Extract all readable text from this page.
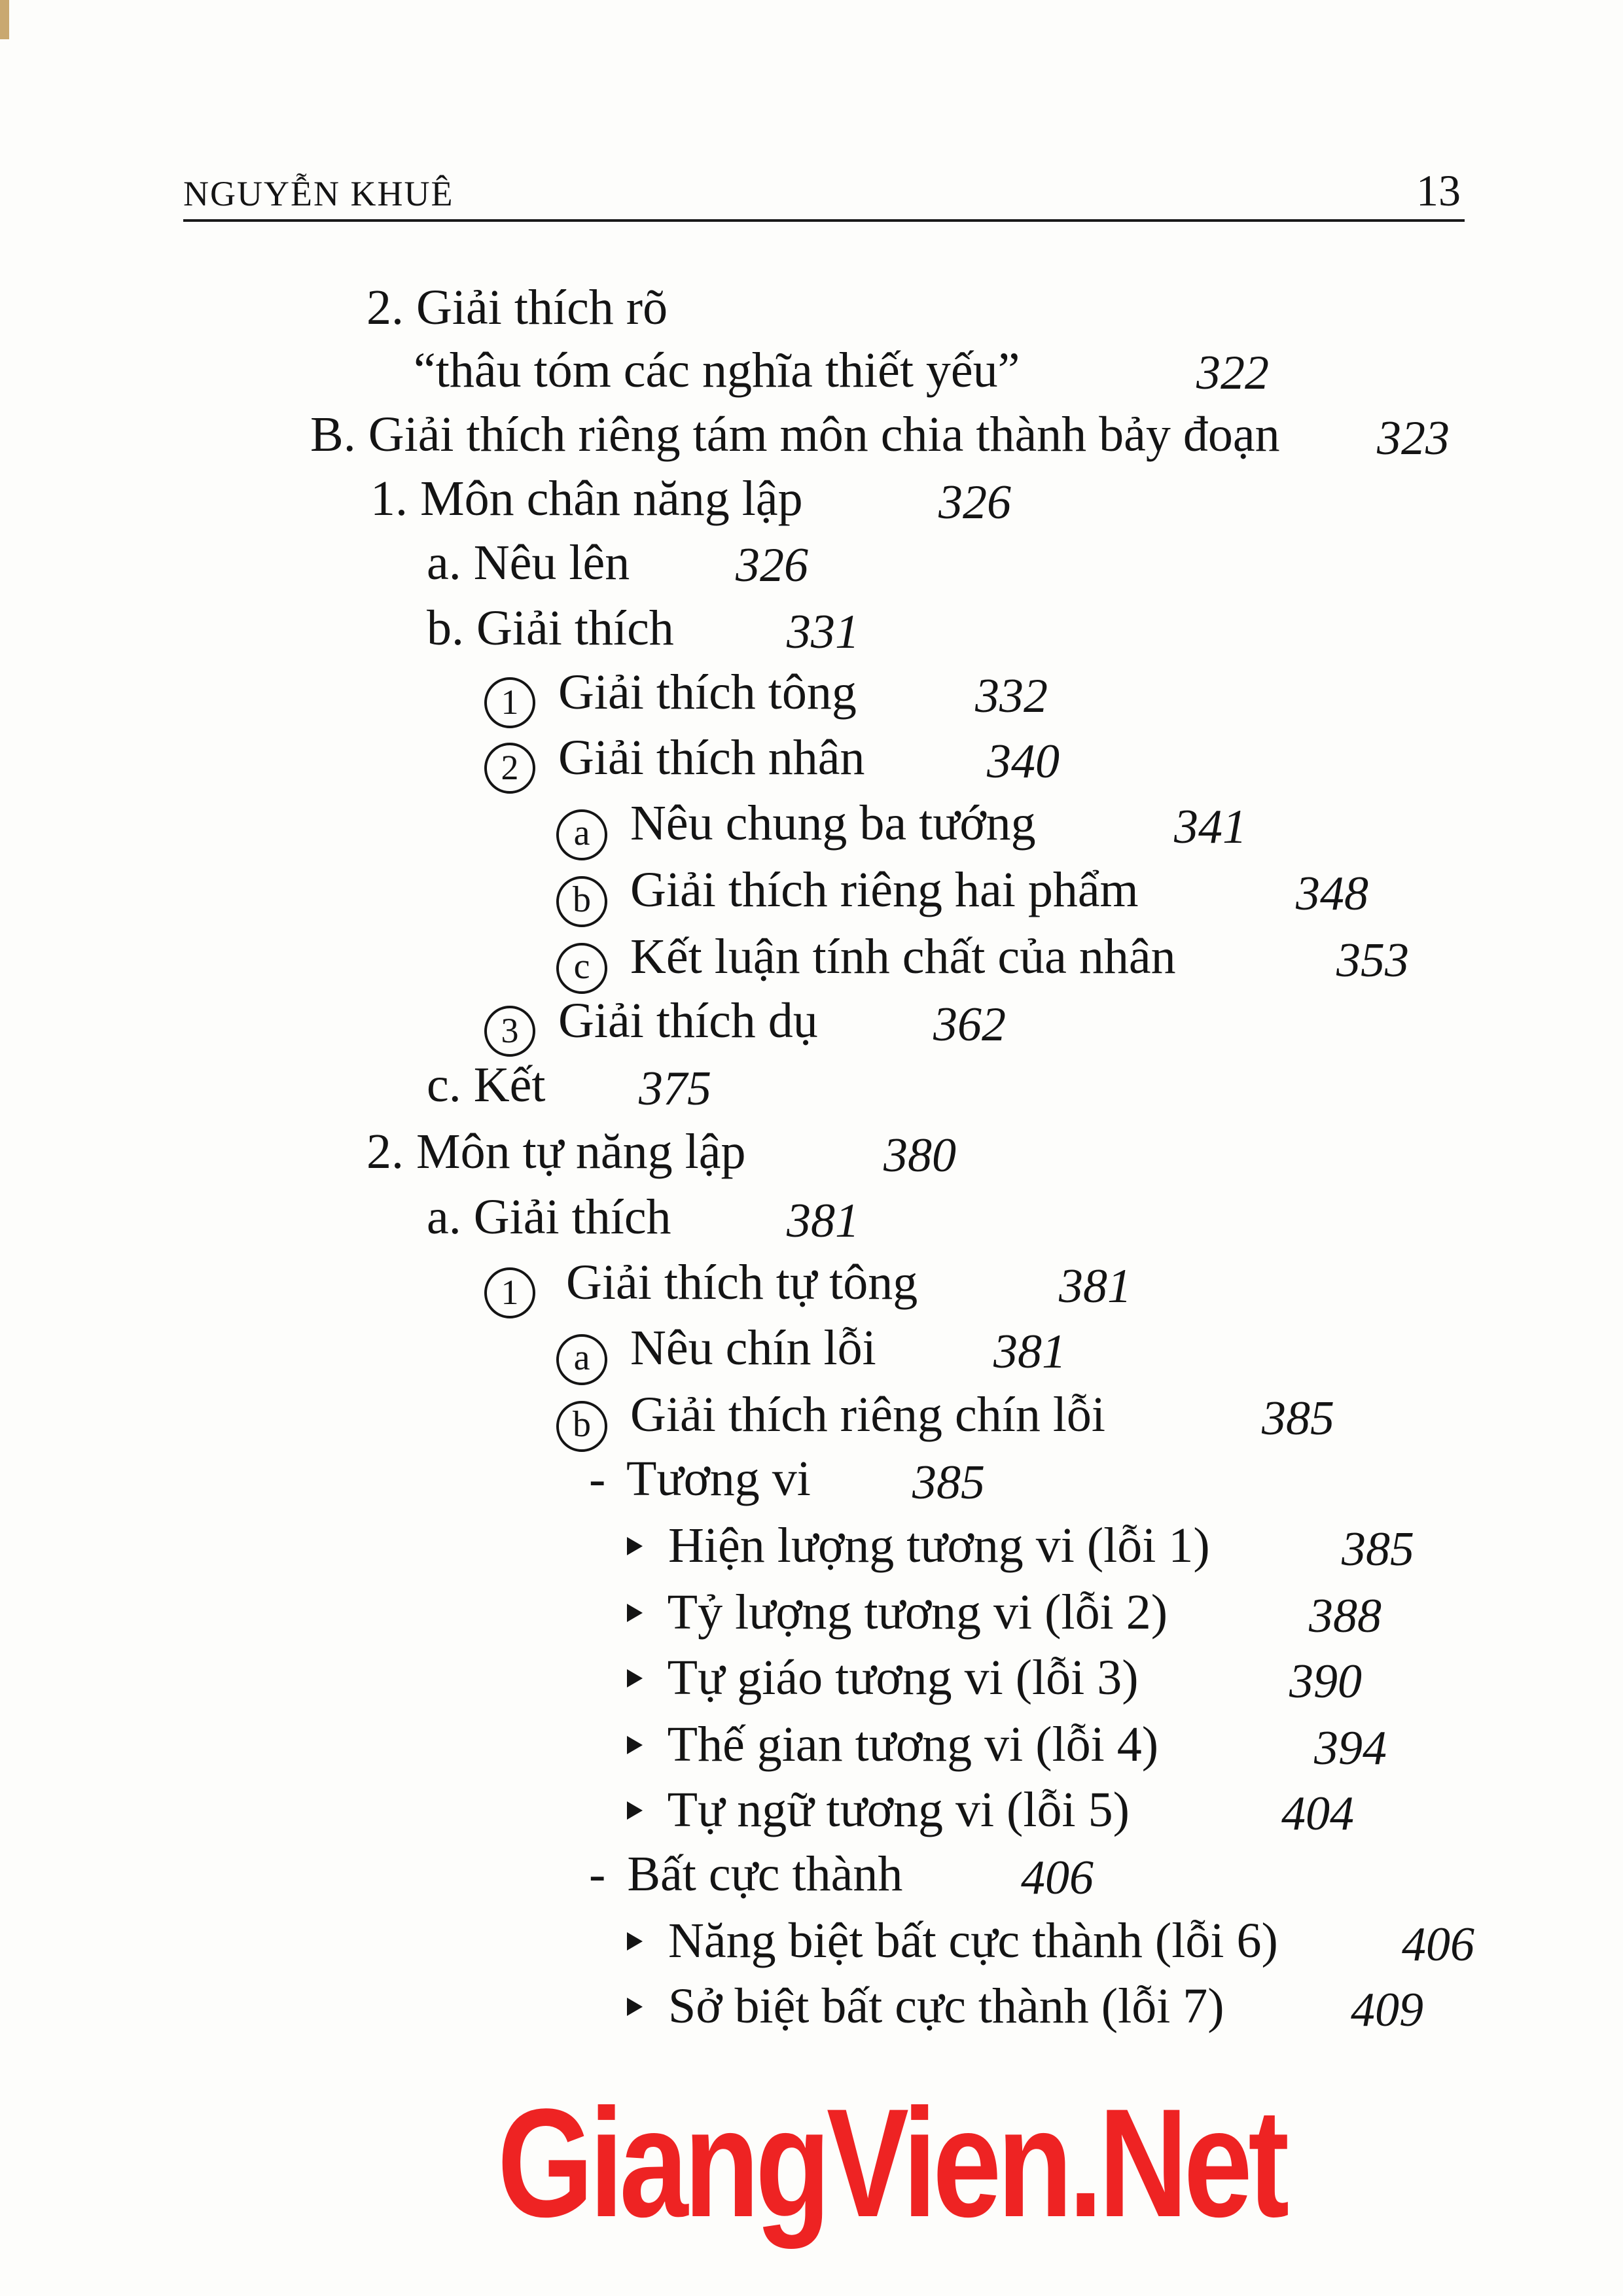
NGUYỄN KHUÊ	13
2. Giải thích rõ
“thâu tóm các nghĩa thiết yếu”	322
B. Giải thích riêng tám môn chia thành bảy đoạn 323
1. Môn chân năng lập	326
a. Nêu lên 326
b. Giải thích 331
1 Giải thích tông 332
2 Giải thích nhân	340
a Nêu chung ba tướng	341
b Giải thích riêng hai phẩm	348
c Kết luận tính chất của nhân	353
3 Giải thích dụ 362
c. Kết 375
2. Môn tự năng lập	380
a. Giải thích 381
1 Giải thích tự tông	381
a Nêu chín lỗi 381
b Giải thích riêng chín lỗi	385
- Tương vi 385
Hiện lượng tương vi (lỗi 1)	385
Tỷ lượng tương vi (lỗi 2)	388
Tự giáo tương vi (lỗi 3)	390
Thế gian tương vi (lỗi 4)	394
Tự ngữ tương vi (lỗi 5)	404
- Bất cực thành 406
Năng biệt bất cực thành (lỗi 6)	406
Sở biệt bất cực thành (lỗi 7)	409
GiangVien.Net
